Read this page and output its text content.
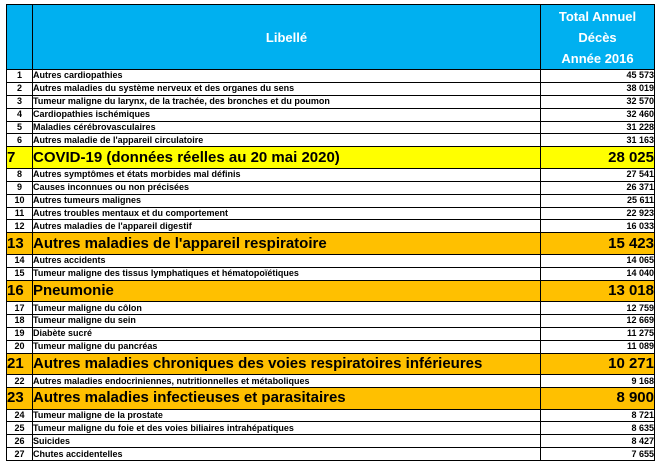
	Libellé	Total Annuel
Décès
Année 2016

1	Autres cardiopathies	45 573
2	Autres maladies du système nerveux et des organes du sens	38 019
3	Tumeur maligne du larynx, de la trachée, des bronches et du poumon	32 570
4	Cardiopathies ischémiques	32 460
5	Maladies cérébrovasculaires	31 228
6	Autres maladie de l'appareil circulatoire	31 163
7	COVID-19 (données réelles au 20 mai 2020)	28 025
8	Autres symptômes et états morbides mal définis	27 541
9	Causes inconnues ou non précisées	26 371
10	Autres tumeurs malignes	25 611
11	Autres troubles mentaux et du comportement	22 923
12	Autres maladies de l'appareil digestif	16 033
13	Autres maladies de l'appareil respiratoire	15 423
14	Autres accidents	14 065
15	Tumeur maligne des tissus lymphatiques et hématopoïétiques	14 040
16	Pneumonie	13 018
17	Tumeur maligne du côlon	12 759
18	Tumeur maligne du sein	12 669
19	Diabète sucré	11 275
20	Tumeur maligne du pancréas	11 089
21	Autres maladies chroniques des voies respiratoires inférieures	10 271
22	Autres maladies endocriniennes, nutritionnelles et métaboliques	9 168
23	Autres maladies infectieuses et parasitaires	8 900
24	Tumeur maligne de la prostate	8 721
25	Tumeur maligne du foie et des voies biliaires intrahépatiques	8 635
26	Suicides	8 427
27	Chutes accidentelles	7 655
